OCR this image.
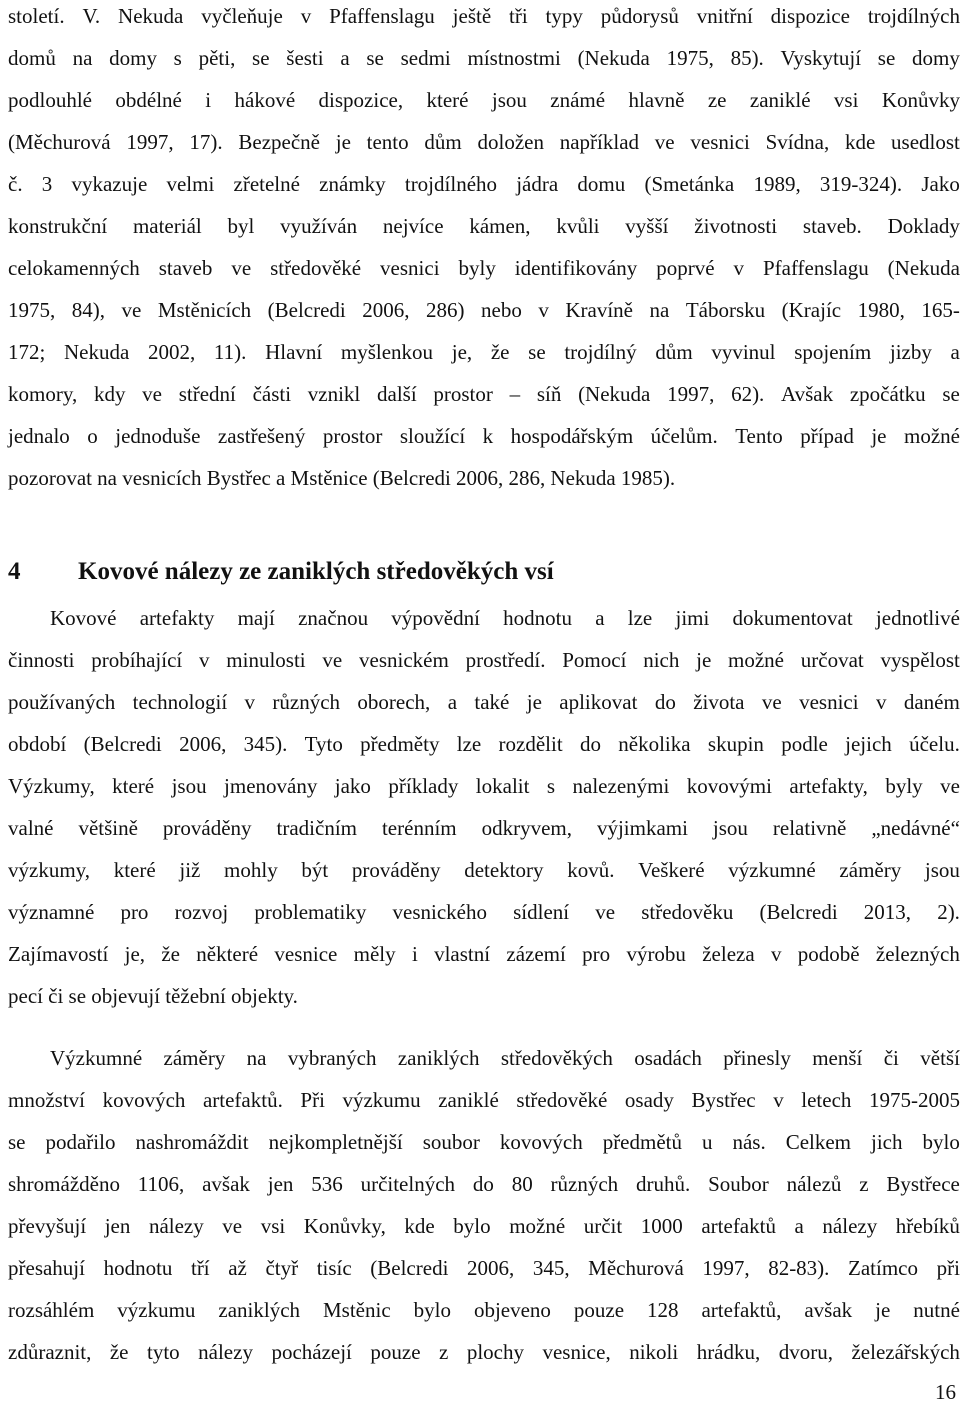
století. V. Nekuda vyčleňuje v Pfaffenslagu ještě tři typy půdorysů vnitřní dispozice trojdílných
domů na domy s pěti, se šesti a se sedmi místnostmi (Nekuda 1975, 85). Vyskytují se domy
podlouhlé obdélné i hákové dispozice, které jsou známé hlavně ze zaniklé vsi Konůvky
(Měchurová 1997, 17). Bezpečně je tento dům doložen například ve vesnici Svídna, kde usedlost
č. 3 vykazuje velmi zřetelné známky trojdílného jádra domu (Smetánka 1989, 319-324). Jako
konstrukční materiál byl využíván nejvíce kámen, kvůli vyšší životnosti staveb. Doklady
celokamenných staveb ve středověké vesnici byly identifikovány poprvé v Pfaffenslagu (Nekuda
1975, 84), ve Mstěnicích (Belcredi 2006, 286) nebo v Kravíně na Táborsku (Krajíc 1980, 165-
172; Nekuda 2002, 11). Hlavní myšlenkou je, že se trojdílný dům vyvinul spojením jizby a
komory, kdy ve střední části vznikl další prostor – síň (Nekuda 1997, 62). Avšak zpočátku se
jednalo o jednoduše zastřešený prostor sloužící k hospodářským účelům. Tento případ je možné
pozorovat na vesnicích Bystřec a Mstěnice (Belcredi 2006, 286, Nekuda 1985).
4 Kovové nálezy ze zaniklých středověkých vsí
Kovové artefakty mají značnou výpovědní hodnotu a lze jimi dokumentovat jednotlivé
činnosti probíhající v minulosti ve vesnickém prostředí. Pomocí nich je možné určovat vyspělost
používaných technologií v různých oborech, a také je aplikovat do života ve vesnici v daném
období (Belcredi 2006, 345). Tyto předměty lze rozdělit do několika skupin podle jejich účelu.
Výzkumy, které jsou jmenovány jako příklady lokalit s nalezenými kovovými artefakty, byly ve
valné většině prováděny tradičním terénním odkryvem, výjimkami jsou relativně „nedávné“
výzkumy, které již mohly být prováděny detektory kovů. Veškeré výzkumné záměry jsou
významné pro rozvoj problematiky vesnického sídlení ve středověku (Belcredi 2013, 2).
Zajímavostí je, že některé vesnice měly i vlastní zázemí pro výrobu železa v podobě železných
pecí či se objevují těžební objekty.
Výzkumné záměry na vybraných zaniklých středověkých osadách přinesly menší či větší
množství kovových artefaktů. Při výzkumu zaniklé středověké osady Bystřec v letech 1975-2005
se podařilo nashromáždit nejkompletnější soubor kovových předmětů u nás. Celkem jich bylo
shromážděno 1106, avšak jen 536 určitelných do 80 různých druhů. Soubor nálezů z Bystřece
převyšují jen nálezy ve vsi Konůvky, kde bylo možné určit 1000 artefaktů a nálezy hřebíků
přesahují hodnotu tří až čtyř tisíc (Belcredi 2006, 345, Měchurová 1997, 82-83). Zatímco při
rozsáhlém výzkumu zaniklých Mstěnic bylo objeveno pouze 128 artefaktů, avšak je nutné
zdůraznit, že tyto nálezy pocházejí pouze z plochy vesnice, nikoli hrádku, dvoru, železářských
16
